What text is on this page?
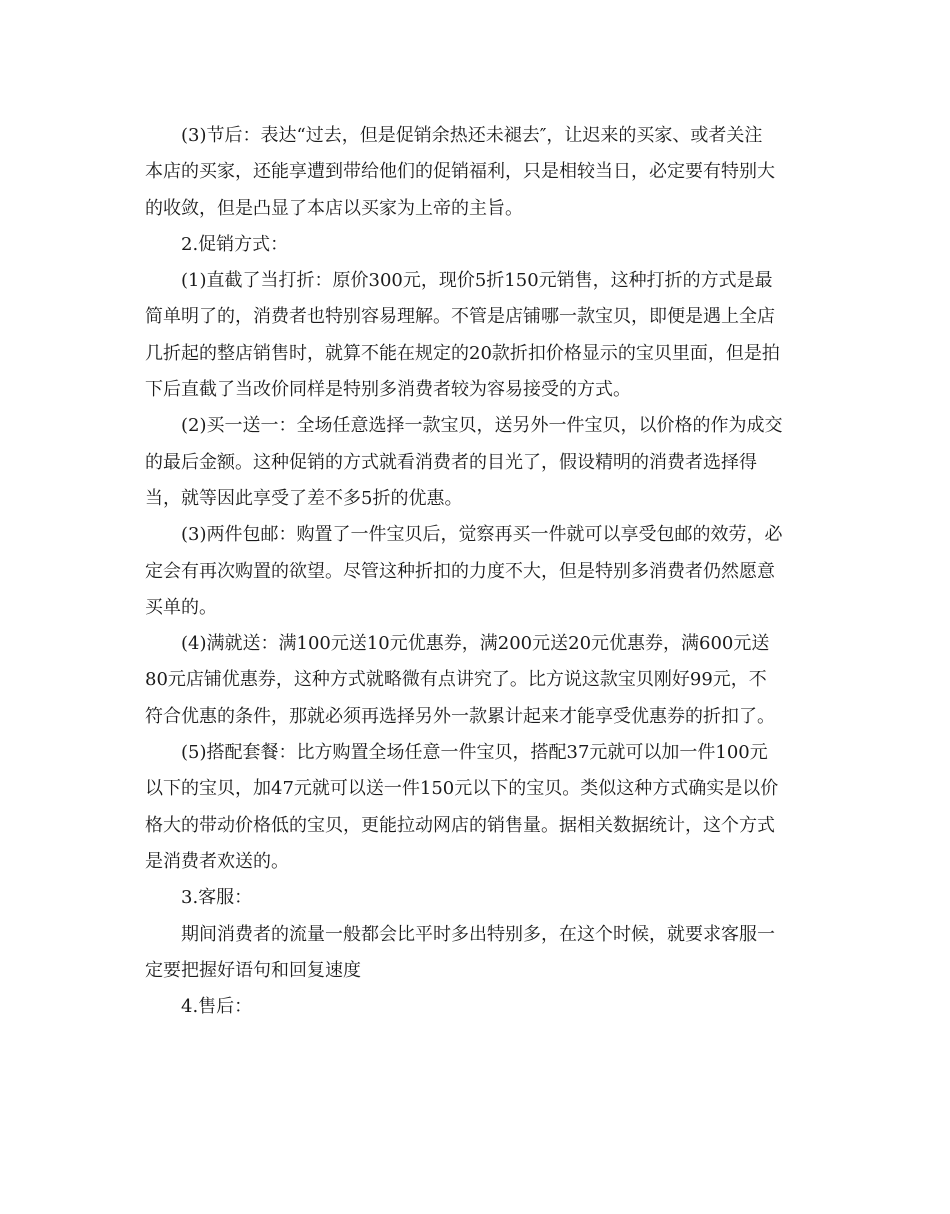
(3)节后：表达“过去，但是促销余热还未褪去″，让迟来的买家、或者关注
本店的买家，还能享遭到带给他们的促销福利，只是相较当日，必定要有特别大
的收敛，但是凸显了本店以买家为上帝的主旨。

2.促销方式：

(1)直截了当打折：原价300元，现价5折150元销售，这种打折的方式是最
简单明了的，消费者也特别容易理解。不管是店铺哪一款宝贝，即便是遇上全店
几折起的整店销售时，就算不能在规定的20款折扣价格显示的宝贝里面，但是拍
下后直截了当改价同样是特别多消费者较为容易接受的方式。

(2)买一送一：全场任意选择一款宝贝，送另外一件宝贝，以价格的作为成交
的最后金额。这种促销的方式就看消费者的目光了，假设精明的消费者选择得
当，就等因此享受了差不多5折的优惠。

(3)两件包邮：购置了一件宝贝后，觉察再买一件就可以享受包邮的效劳，必
定会有再次购置的欲望。尽管这种折扣的力度不大，但是特别多消费者仍然愿意
买单的。

(4)满就送：满100元送10元优惠券，满200元送20元优惠券，满600元送
80元店铺优惠券，这种方式就略微有点讲究了。比方说这款宝贝刚好99元，不
符合优惠的条件，那就必须再选择另外一款累计起来才能享受优惠券的折扣了。

(5)搭配套餐：比方购置全场任意一件宝贝，搭配37元就可以加一件100元
以下的宝贝，加47元就可以送一件150元以下的宝贝。类似这种方式确实是以价
格大的带动价格低的宝贝，更能拉动网店的销售量。据相关数据统计，这个方式
是消费者欢送的。

3.客服：

期间消费者的流量一般都会比平时多出特别多，在这个时候，就要求客服一
定要把握好语句和回复速度

4.售后：
